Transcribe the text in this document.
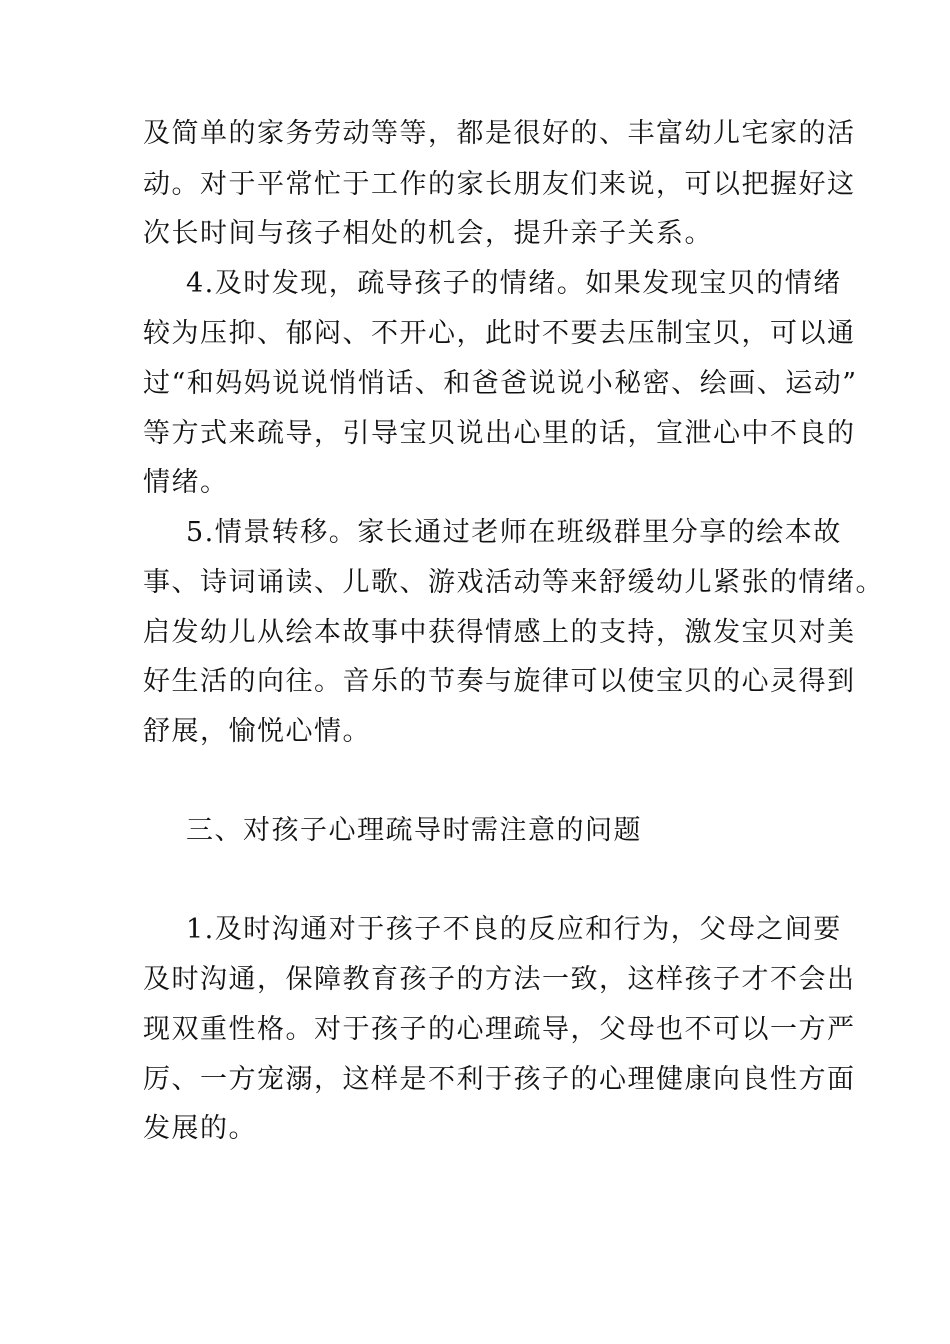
及简单的家务劳动等等，都是很好的、丰富幼儿宅家的活
动。对于平常忙于工作的家长朋友们来说，可以把握好这
次长时间与孩子相处的机会，提升亲子关系。
4.及时发现，疏导孩子的情绪。如果发现宝贝的情绪
较为压抑、郁闷、不开心，此时不要去压制宝贝，可以通
过“和妈妈说说悄悄话、和爸爸说说小秘密、绘画、运动”
等方式来疏导，引导宝贝说出心里的话，宣泄心中不良的
情绪。
5.情景转移。家长通过老师在班级群里分享的绘本故
事、诗词诵读、儿歌、游戏活动等来舒缓幼儿紧张的情绪。
启发幼儿从绘本故事中获得情感上的支持，激发宝贝对美
好生活的向往。音乐的节奏与旋律可以使宝贝的心灵得到
舒展，愉悦心情。
三、对孩子心理疏导时需注意的问题
1.及时沟通对于孩子不良的反应和行为，父母之间要
及时沟通，保障教育孩子的方法一致，这样孩子才不会出
现双重性格。对于孩子的心理疏导，父母也不可以一方严
厉、一方宠溺，这样是不利于孩子的心理健康向良性方面
发展的。
